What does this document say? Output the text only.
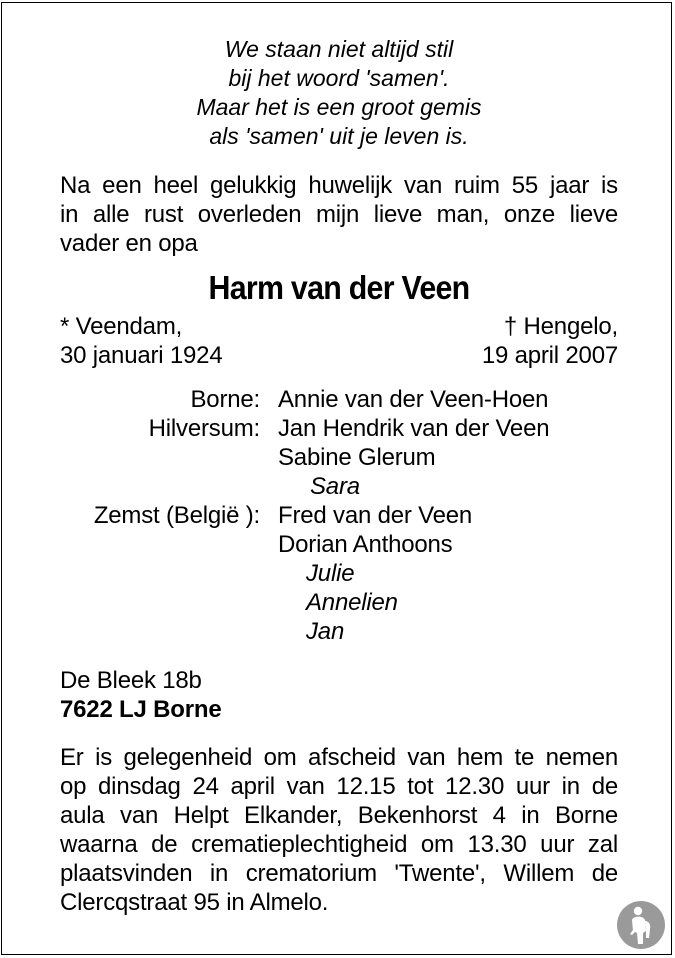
We staan niet altijd stil
bij het woord 'samen'.
Maar het is een groot gemis
als 'samen' uit je leven is.
Na een heel gelukkig huwelijk van ruim 55 jaar is
in alle rust overleden mijn lieve man, onze lieve
vader en opa
Harm van der Veen
* Veendam,
30 januari 1924
† Hengelo,
19 april 2007
Borne: Annie van der Veen-Hoen
Hilversum: Jan Hendrik van der Veen
Sabine Glerum
Sara
Zemst (België ): Fred van der Veen
Dorian Anthoons
Julie
Annelien
Jan
De Bleek 18b
7622 LJ Borne
Er is gelegenheid om afscheid van hem te nemen
op dinsdag 24 april van 12.15 tot 12.30 uur in de
aula van Helpt Elkander, Bekenhorst 4 in Borne
waarna de crematieplechtigheid om 13.30 uur zal
plaatsvinden in crematorium 'Twente', Willem de
Clercqstraat 95 in Almelo.
